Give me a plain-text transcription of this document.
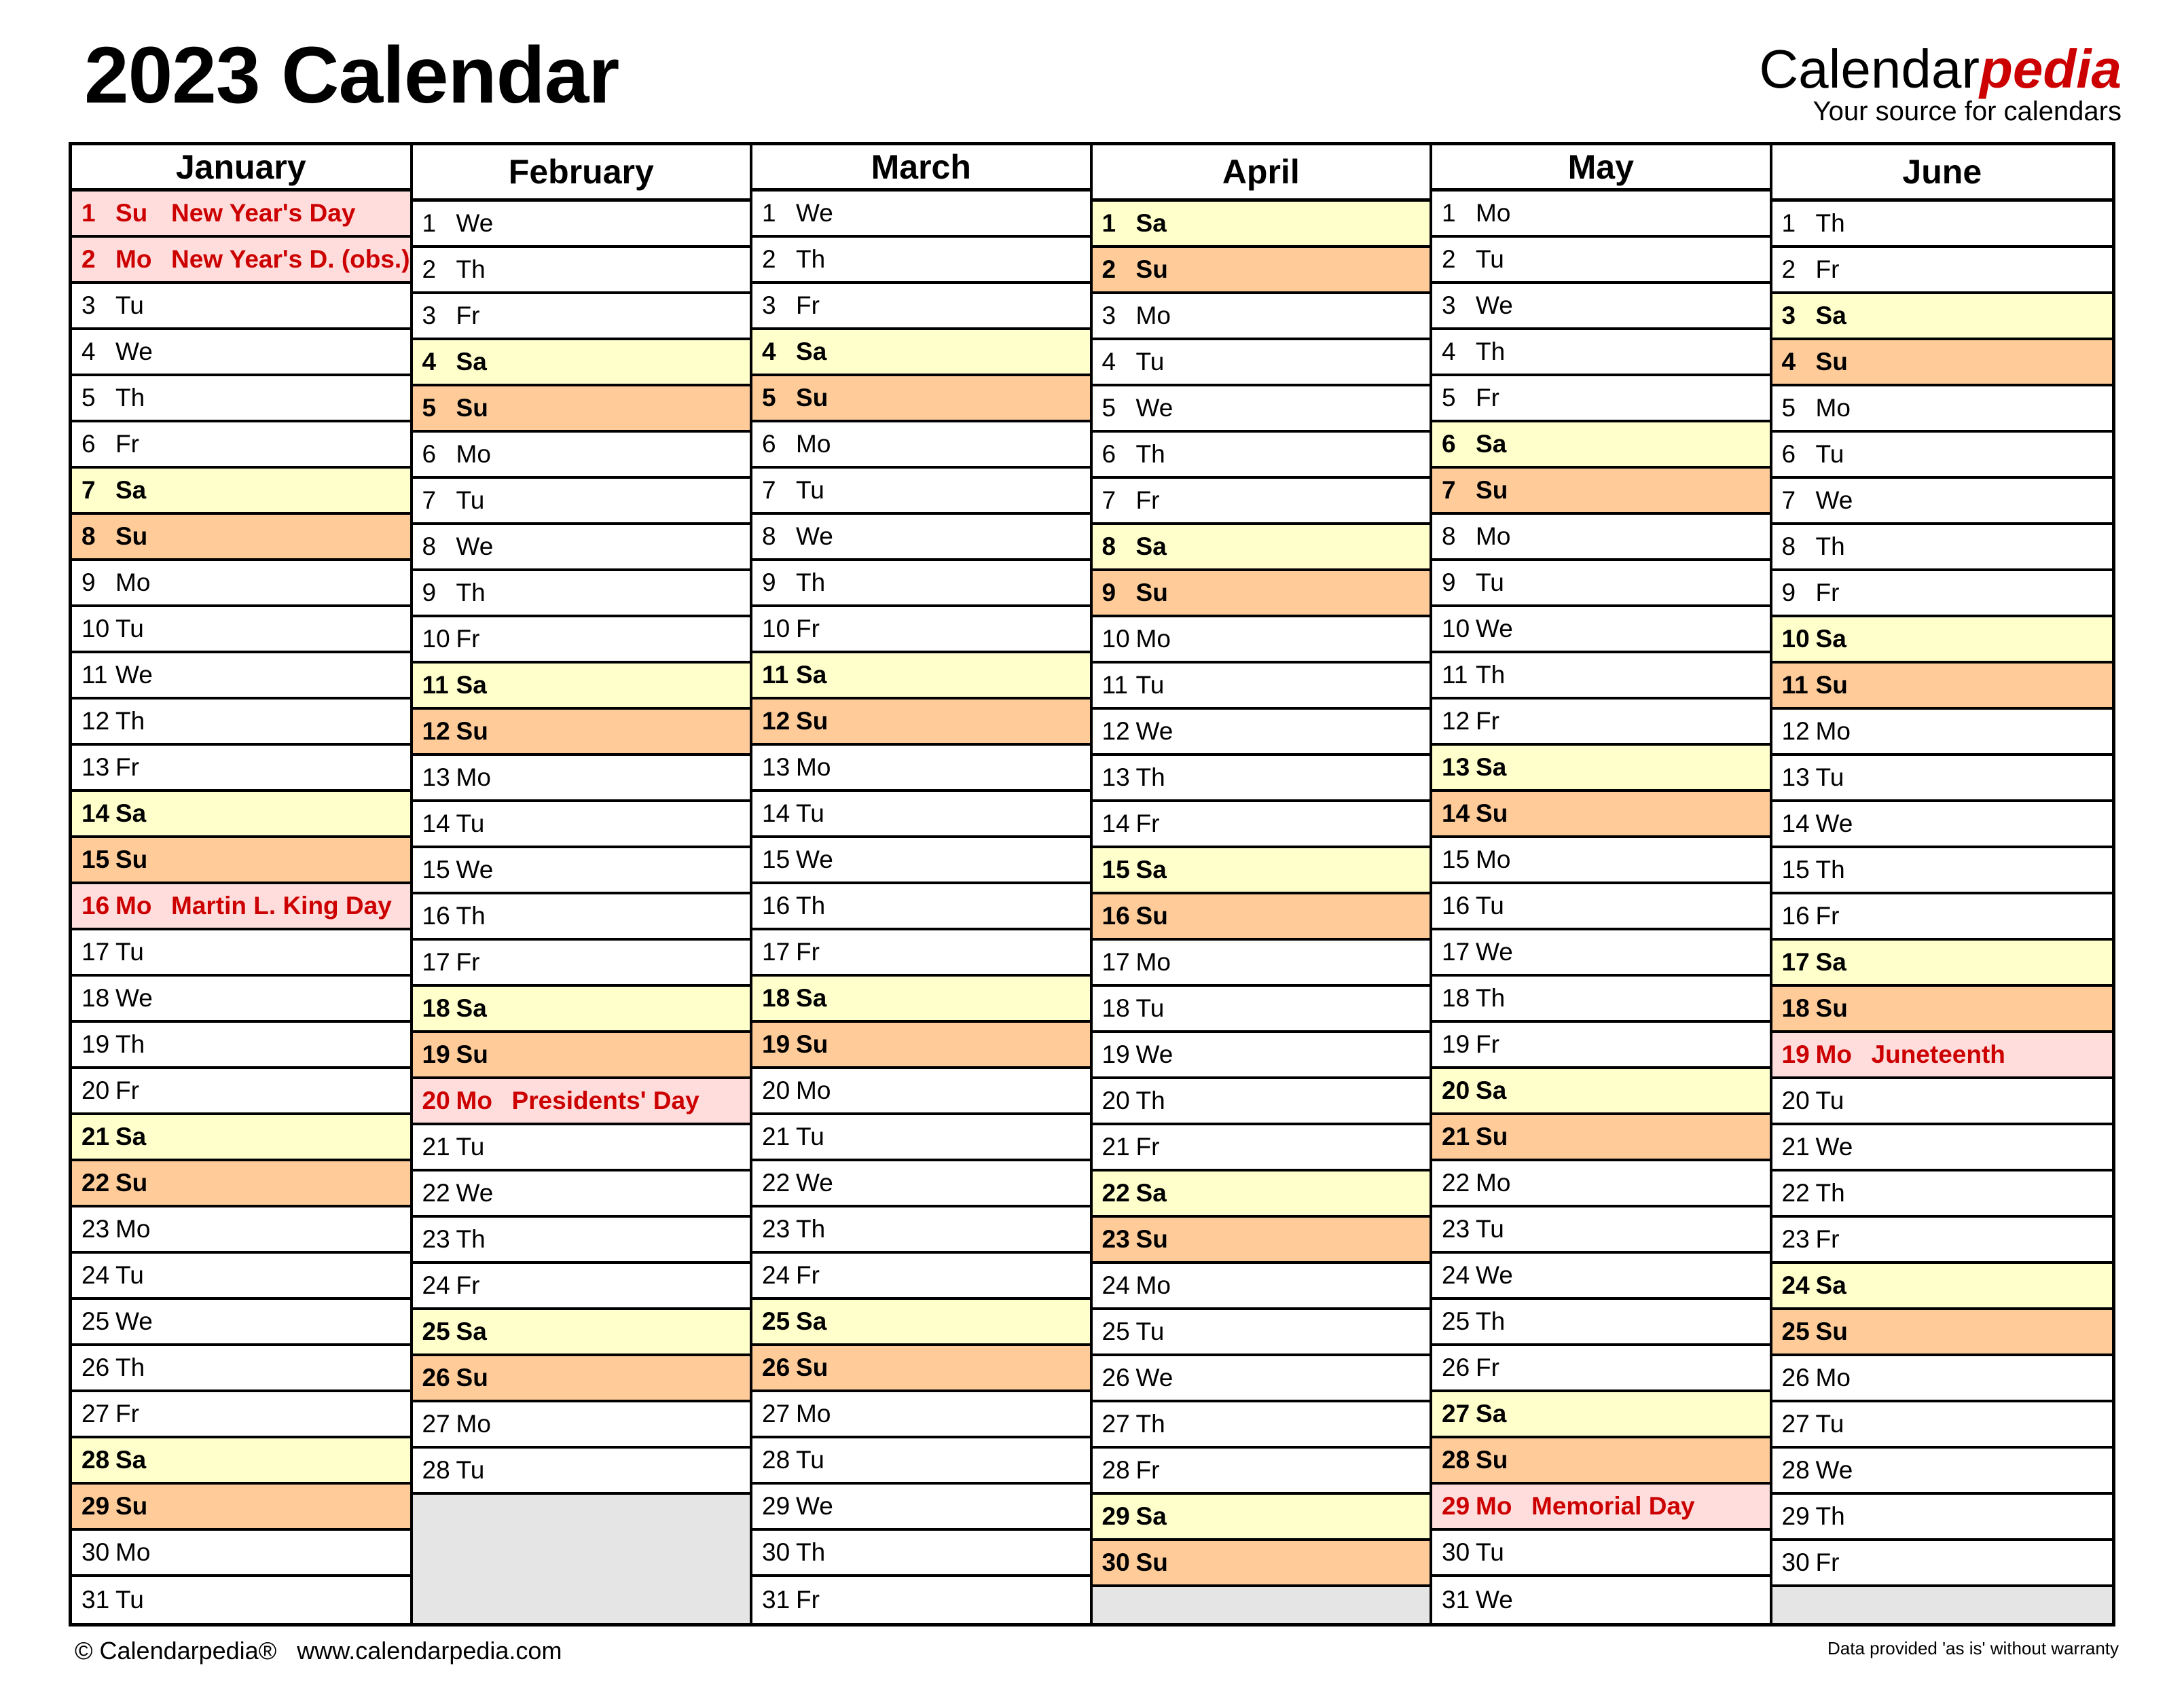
2023 Calendar	Calendarpedia
Your source for calendars
January
1 Su New Year's Day
2 Mo New Year's D. (obs.)
3 Tu
4 We
5 Th
6 Fr
7 Sa
8 Su
9 Mo
10 Tu
11 We
12 Th
13 Fr
14 Sa
15 Su
16 Mo Martin L. King Day
17 Tu
18 We
19 Th
20 Fr
21 Sa
22 Su
23 Mo
24 Tu
25 We
26 Th
27 Fr
28 Sa
29 Su
30 Mo
31 Tu
February
1 We
2 Th
3 Fr
4 Sa
5 Su
6 Mo
7 Tu
8 We
9 Th
10 Fr
11 Sa
12 Su
13 Mo
14 Tu
15 We
16 Th
17 Fr
18 Sa
19 Su
20 Mo Presidents' Day
21 Tu
22 We
23 Th
24 Fr
25 Sa
26 Su
27 Mo
28 Tu
March
1 We
2 Th
3 Fr
4 Sa
5 Su
6 Mo
7 Tu
8 We
9 Th
10 Fr
11 Sa
12 Su
13 Mo
14 Tu
15 We
16 Th
17 Fr
18 Sa
19 Su
20 Mo
21 Tu
22 We
23 Th
24 Fr
25 Sa
26 Su
27 Mo
28 Tu
29 We
30 Th
31 Fr
April
1 Sa
2 Su
3 Mo
4 Tu
5 We
6 Th
7 Fr
8 Sa
9 Su
10 Mo
11 Tu
12 We
13 Th
14 Fr
15 Sa
16 Su
17 Mo
18 Tu
19 We
20 Th
21 Fr
22 Sa
23 Su
24 Mo
25 Tu
26 We
27 Th
28 Fr
29 Sa
30 Su
May
1 Mo
2 Tu
3 We
4 Th
5 Fr
6 Sa
7 Su
8 Mo
9 Tu
10 We
11 Th
12 Fr
13 Sa
14 Su
15 Mo
16 Tu
17 We
18 Th
19 Fr
20 Sa
21 Su
22 Mo
23 Tu
24 We
25 Th
26 Fr
27 Sa
28 Su
29 Mo Memorial Day
30 Tu
31 We
June
1 Th
2 Fr
3 Sa
4 Su
5 Mo
6 Tu
7 We
8 Th
9 Fr
10 Sa
11 Su
12 Mo
13 Tu
14 We
15 Th
16 Fr
17 Sa
18 Su
19 Mo Juneteenth
20 Tu
21 We
22 Th
23 Fr
24 Sa
25 Su
26 Mo
27 Tu
28 We
29 Th
30 Fr
© Calendarpedia® www.calendarpedia.com	Data provided 'as is' without warranty
